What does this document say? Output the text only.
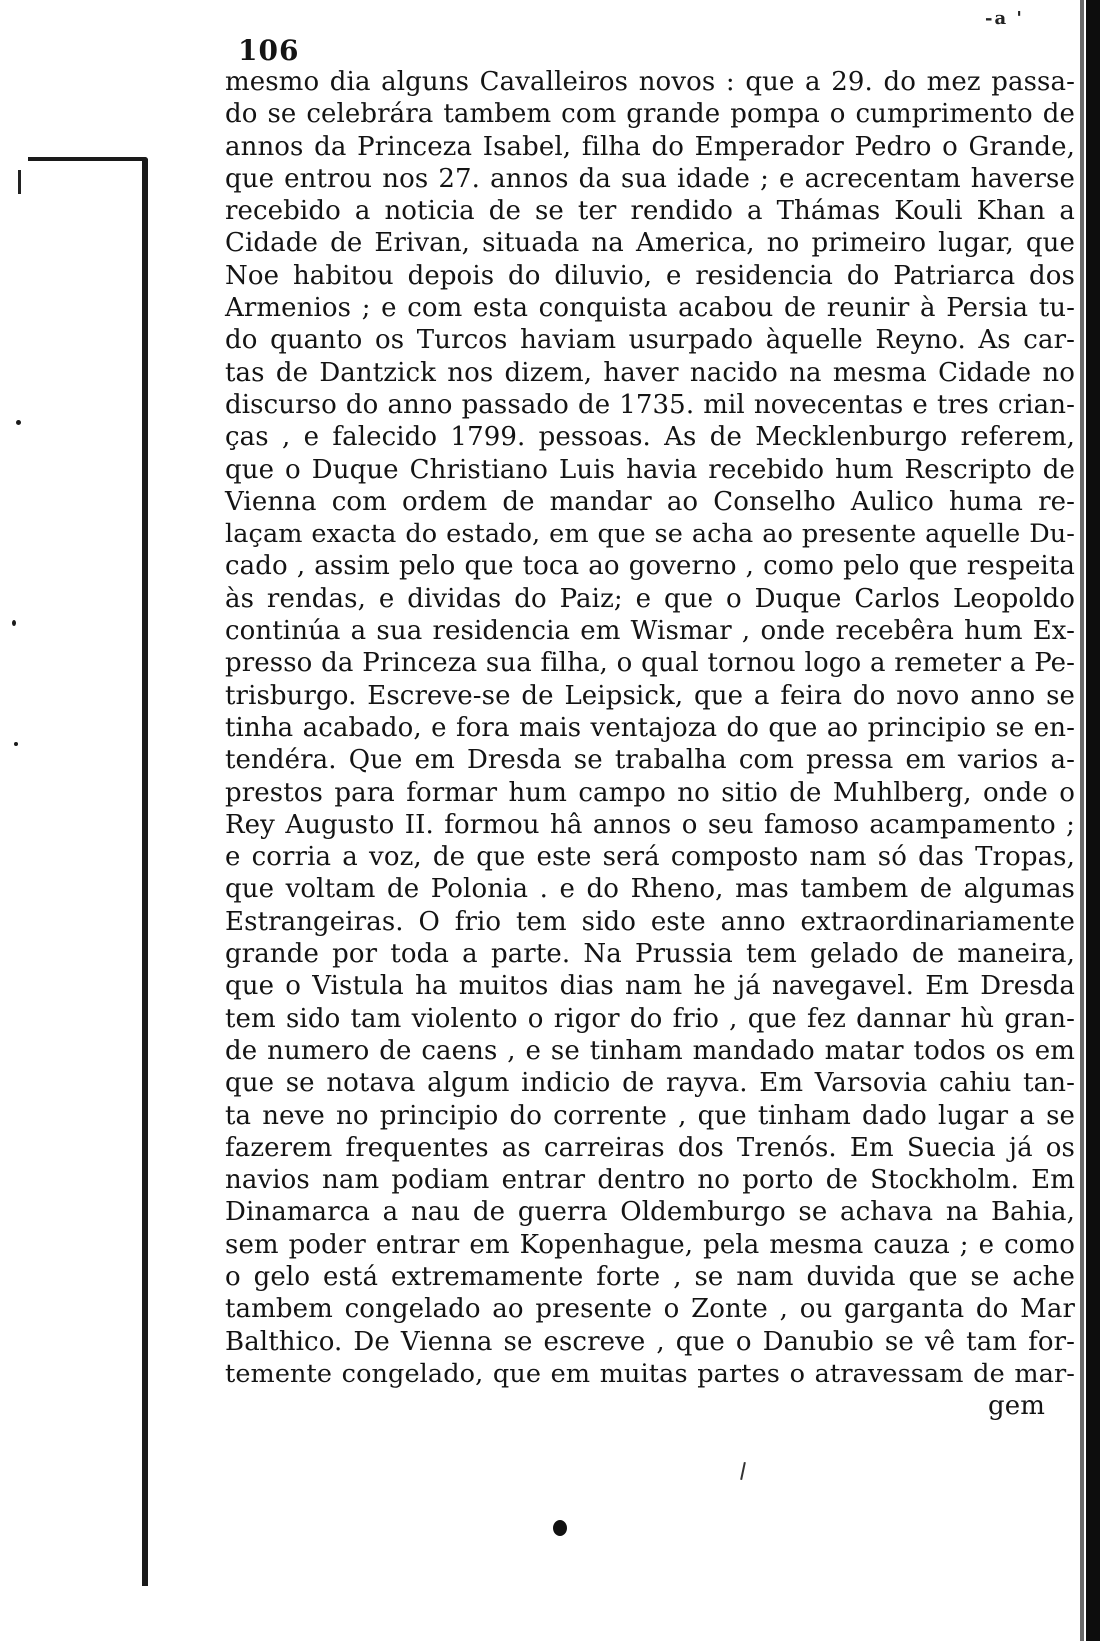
106
-a '
mesmo dia alguns Cavalleiros novos : que a 29. do mez passa-
do se celebrára tambem com grande pompa o cumprimento de
annos da Princeza Isabel, filha do Emperador Pedro o Grande,
que entrou nos 27. annos da sua idade ; e acrecentam haverse
recebido a noticia de se ter rendido a Thámas Kouli Khan a
Cidade de Erivan, situada na America, no primeiro lugar, que
Noe habitou depois do diluvio, e residencia do Patriarca dos
Armenios ; e com esta conquista acabou de reunir à Persia tu-
do quanto os Turcos haviam usurpado àquelle Reyno. As car-
tas de Dantzick nos dizem, haver nacido na mesma Cidade no
discurso do anno passado de 1735. mil novecentas e tres crian-
ças , e falecido 1799. pessoas. As de Mecklenburgo referem,
que o Duque Christiano Luis havia recebido hum Rescripto de
Vienna com ordem de mandar ao Conselho Aulico huma re-
laçam exacta do estado, em que se acha ao presente aquelle Du-
cado , assim pelo que toca ao governo , como pelo que respeita
às rendas, e dividas do Paiz; e que o Duque Carlos Leopoldo
continúa a sua residencia em Wismar , onde recebêra hum Ex-
presso da Princeza sua filha, o qual tornou logo a remeter a Pe-
trisburgo. Escreve-se de Leipsick, que a feira do novo anno se
tinha acabado, e fora mais ventajoza do que ao principio se en-
tendéra. Que em Dresda se trabalha com pressa em varios a-
prestos para formar hum campo no sitio de Muhlberg, onde o
Rey Augusto II. formou hâ annos o seu famoso acampamento ;
e corria a voz, de que este será composto nam só das Tropas,
que voltam de Polonia . e do Rheno, mas tambem de algumas
Estrangeiras. O frio tem sido este anno extraordinariamente
grande por toda a parte. Na Prussia tem gelado de maneira,
que o Vistula ha muitos dias nam he já navegavel. Em Dresda
tem sido tam violento o rigor do frio , que fez dannar hù gran-
de numero de caens , e se tinham mandado matar todos os em
que se notava algum indicio de rayva. Em Varsovia cahiu tan-
ta neve no principio do corrente , que tinham dado lugar a se
fazerem frequentes as carreiras dos Trenós. Em Suecia já os
navios nam podiam entrar dentro no porto de Stockholm. Em
Dinamarca a nau de guerra Oldemburgo se achava na Bahia,
sem poder entrar em Kopenhague, pela mesma cauza ; e como
o gelo está extremamente forte , se nam duvida que se ache
tambem congelado ao presente o Zonte , ou garganta do Mar
Balthico. De Vienna se escreve , que o Danubio se vê tam for-
temente congelado, que em muitas partes o atravessam de mar-
gem
